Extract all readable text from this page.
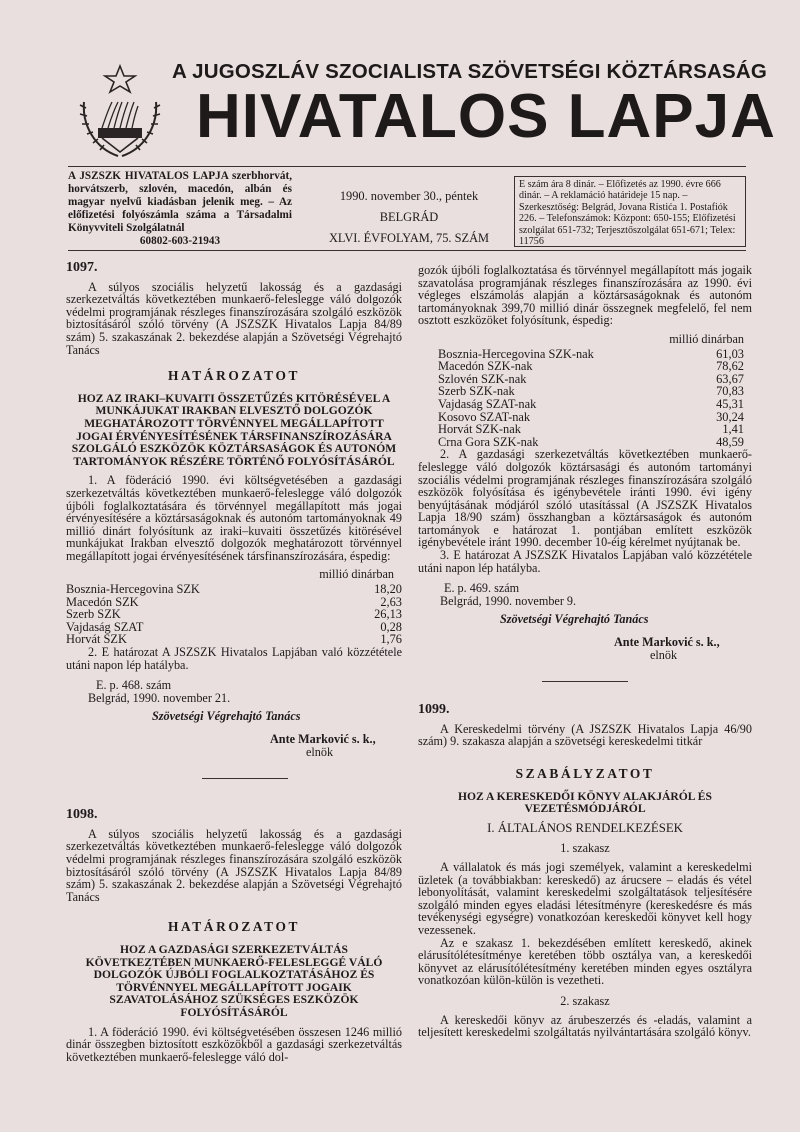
A JUGOSZLÁV SZOCIALISTA SZÖVETSÉGI KÖZTÁRSASÁG
HIVATALOS LAPJA
A JSZSZK HIVATALOS LAPJA szerbhorvát, horvátszerb, szlovén, macedón, albán és magyar nyelvű kiadásban jelenik meg. – Az előfizetési folyószámla száma a Társadalmi Könyvviteli Szolgálatnál
60802-603-21943
1990. november 30., péntek
BELGRÁD
XLVI. ÉVFOLYAM, 75. SZÁM
E szám ára 8 dinár. – Előfizetés az 1990. évre 666 dinár. – A reklamáció határideje 15 nap. – Szerkesztőség: Belgrád, Jovana Ristića 1. Postafiók 226. – Telefonszámok: Központ: 650-155; Előfizetési szolgálat 651-732; Terjesztőszolgálat 651-671; Telex: 11756
1097.

A súlyos szociális helyzetű lakosság és a gazdasági szerkezetváltás következtében munkaerő-feleslegge váló dolgozók védelmi programjának részleges finanszírozására szolgáló eszközök biztosításáról szóló törvény (A JSZSZK Hivatalos Lapja 84/89 szám) 5. szakaszának 2. bekezdése alapján a Szövetségi Végrehajtó Tanács

HATÁROZATOT
HOZ AZ IRAKI–KUVAITI ÖSSZETŰZÉS KITÖRÉSÉVEL A MUNKÁJUKAT IRAKBAN ELVESZTŐ DOLGOZÓK MEGHATÁROZOTT TÖRVÉNNYEL MEGÁLLAPÍTOTT JOGAI ÉRVÉNYESÍTÉSÉNEK TÁRSFINANSZÍROZÁSÁRA SZOLGÁLÓ ESZKÖZÖK KÖZTÁRSASÁGOK ÉS AUTONÓM TARTOMÁNYOK RÉSZÉRE TÖRTÉNŐ FOLYÓSÍTÁSÁRÓL

1. A föderáció 1990. évi költségvetésében a gazdasági szerkezetváltás következtében munkaerő-feleslegge váló dolgozók újbóli foglalkoztatására és törvénnyel megállapított más jogai érvényesítésére a köztársaságoknak és autonóm tartományoknak 49 millió dinárt folyósítunk az iraki–kuvaiti összetűzés kitörésével munkájukat Irakban elvesztő dolgozók meghatározott törvénnyel megállapított jogai érvényesítésének társfinanszírozására, éspedig:

millió dinárban
Bosznia-Hercegovina SZK	18,20
Macedón SZK	2,63
Szerb SZK	26,13
Vajdaság SZAT	0,28
Horvát SZK	1,76

2. E határozat A JSZSZK Hivatalos Lapjában való közzététele utáni napon lép hatályba.

E. p. 468. szám

Belgrád, 1990. november 21.

Szövetségi Végrehajtó Tanács

Ante Marković s. k.,

elnök

1098.

A súlyos szociális helyzetű lakosság és a gazdasági szerkezetváltás következtében munkaerő-feleslegge váló dolgozók védelmi programjának részleges finanszírozására szolgáló eszközök biztosításáról szóló törvény (A JSZSZK Hivatalos Lapja 84/89 szám) 5. szakaszának 2. bekezdése alapján a Szövetségi Végrehajtó Tanács

HATÁROZATOT
HOZ A GAZDASÁGI SZERKEZETVÁLTÁS KÖVETKEZTÉBEN MUNKAERŐ-FELESLEGGÉ VÁLÓ DOLGOZÓK ÚJBÓLI FOGLALKOZTATÁSÁHOZ ÉS TÖRVÉNNYEL MEGÁLLAPÍTOTT JOGAIK SZAVATOLÁSÁHOZ SZÜKSÉGES ESZKÖZÖK FOLYÓSÍTÁSÁRÓL

1. A föderáció 1990. évi költségvetésében összesen 1246 millió dinár összegben biztosított eszközökből a gazdasági szerkezetváltás következtében munkaerő-feleslegge váló dol-

gozók újbóli foglalkoztatása és törvénnyel megállapított más jogaik szavatolása programjának részleges finanszírozására az 1990. évi végleges elszámolás alapján a köztársaságoknak és autonóm tartományoknak 399,70 millió dinár összegnek megfelelő, fel nem osztott eszközöket folyósítunk, éspedig:

millió dinárban
Bosznia-Hercegovina SZK-nak	61,03
Macedón SZK-nak	78,62
Szlovén SZK-nak	63,67
Szerb SZK-nak	70,83
Vajdaság SZAT-nak	45,31
Kosovo SZAT-nak	30,24
Horvát SZK-nak	1,41
Crna Gora SZK-nak	48,59

2. A gazdasági szerkezetváltás következtében munkaerő-feleslegge váló dolgozók köztársasági és autonóm tartományi szociális védelmi programjának részleges finanszírozására szolgáló eszközök folyósítása és igénybevétele iránti 1990. évi igény benyújtásának módjáról szóló utasítással (A JSZSZK Hivatalos Lapja 18/90 szám) összhangban a köztársaságok és autonóm tartományok e határozat 1. pontjában említett eszközök igénybevétele iránt 1990. december 10-éig kérelmet nyújtanak be.

3. E határozat A JSZSZK Hivatalos Lapjában való közzététele utáni napon lép hatályba.

E. p. 469. szám

Belgrád, 1990. november 9.

Szövetségi Végrehajtó Tanács

Ante Marković s. k.,

elnök

1099.

A Kereskedelmi törvény (A JSZSZK Hivatalos Lapja 46/90 szám) 9. szakasza alapján a szövetségi kereskedelmi titkár

SZABÁLYZATOT
HOZ A KERESKEDŐI KÖNYV ALAKJÁRÓL ÉS VEZETÉSMÓDJÁRÓL
I. ÁLTALÁNOS RENDELKEZÉSEK
1. szakasz

A vállalatok és más jogi személyek, valamint a kereskedelmi üzletek (a továbbiakban: kereskedő) az árucsere – eladás és vétel lebonyolítását, valamint kereskedelmi szolgáltatások teljesítésére szolgáló minden egyes eladási létesítményre (kereskedésre és más tevékenységi egységre) vonatkozóan kereskedői könyvet kell hogy vezessenek.

Az e szakasz 1. bekezdésében említett kereskedő, akinek elárusítólétesítménye keretében több osztálya van, a kereskedői könyvet az elárusítólétesítmény keretében minden egyes osztályra vonatkozóan külön-külön is vezetheti.

2. szakasz

A kereskedői könyv az árubeszerzés és -eladás, valamint a teljesített kereskedelmi szolgáltatás nyilvántartására szolgáló könyv.
